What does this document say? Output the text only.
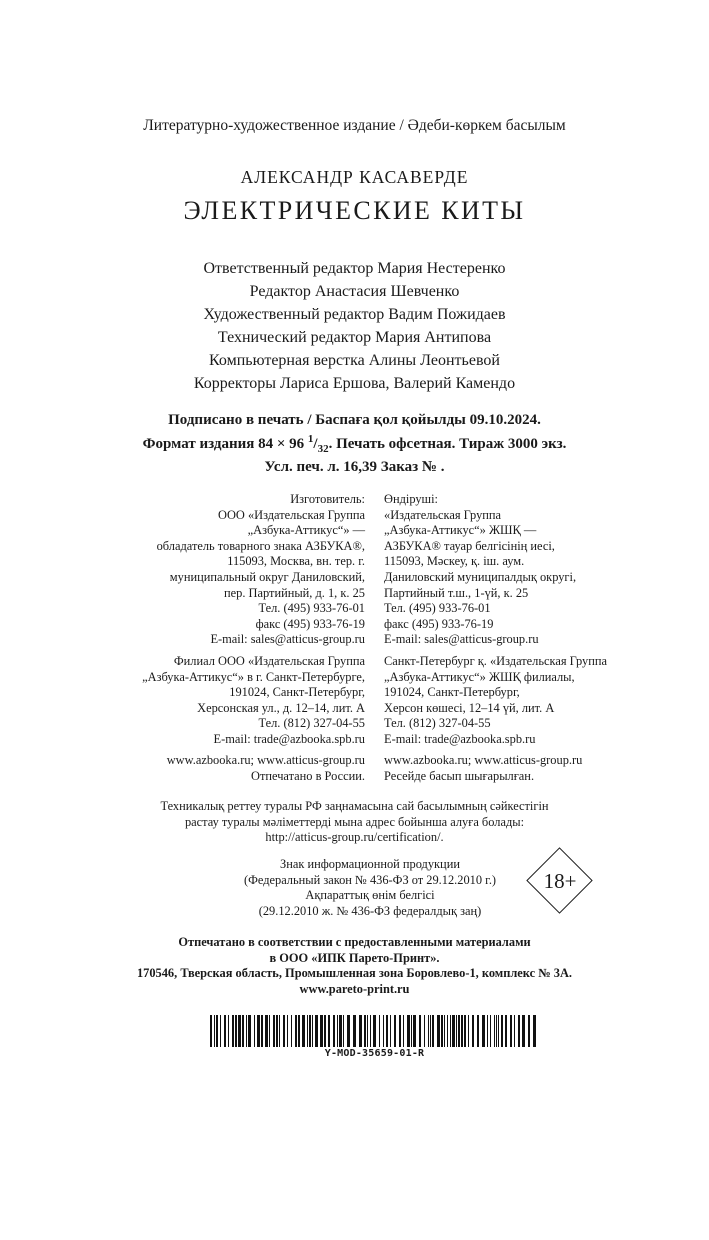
Литературно-художественное издание / Әдеби-көркем басылым
АЛЕКСАНДР КАСАВЕРДЕ
ЭЛЕКТРИЧЕСКИЕ КИТЫ
Ответственный редактор Мария Нестеренко
Редактор Анастасия Шевченко
Художественный редактор Вадим Пожидаев
Технический редактор Мария Антипова
Компьютерная верстка Алины Леонтьевой
Корректоры Лариса Ершова, Валерий Камендо
Подписано в печать / Баспаға қол қойылды 09.10.2024.
Формат издания 84 × 96 $^1/_{32}$. Печать офсетная. Тираж 3000 экз.
Усл. печ. л. 16,39 Заказ № .
Изготовитель:
ООО «Издательская Группа
„Азбука-Аттикус“» —
обладатель товарного знака АЗБУКА®,
115093, Москва, вн. тер. г.
муниципальный округ Даниловский,
пер. Партийный, д. 1, к. 25
Тел. (495) 933-76-01
факс (495) 933-76-19
E-mail: sales@atticus-group.ru
Өндіруші:
«Издательская Группа
„Азбука-Аттикус“» ЖШҚ —
АЗБУКА® тауар белгісінің иесі,
115093, Мәскеу, қ. іш. аум.
Даниловский муниципалдық округі,
Партийный т.ш., 1-үй, к. 25
Тел. (495) 933-76-01
факс (495) 933-76-19
E-mail: sales@atticus-group.ru
Филиал ООО «Издательская Группа
„Азбука-Аттикус“» в г. Санкт-Петербурге,
191024, Санкт-Петербург,
Херсонская ул., д. 12–14, лит. А
Тел. (812) 327-04-55
E-mail: trade@azbooka.spb.ru
Санкт-Петербург қ. «Издательская Группа
„Азбука-Аттикус“» ЖШҚ филиалы,
191024, Санкт-Петербург,
Херсон көшесі, 12–14 үй, лит. А
Тел. (812) 327-04-55
E-mail: trade@azbooka.spb.ru
www.azbooka.ru; www.atticus-group.ru
Отпечатано в России.
www.azbooka.ru; www.atticus-group.ru
Ресейде басып шығарылған.
Техникалық реттеу туралы РФ заңнамасына сай басылымның сәйкестігін
растау туралы мәліметтерді мына адрес бойынша алуға болады:
http://atticus-group.ru/certification/.
Знак информационной продукции
(Федеральный закон № 436-ФЗ от 29.12.2010 г.)
Ақпараттық өнім белгісі
(29.12.2010 ж. № 436-ФЗ федералдық заң)
18+
Отпечатано в соответствии с предоставленными материалами
в ООО «ИПК Парето-Принт».
170546, Тверская область, Промышленная зона Боровлево-1, комплекс № 3А.
www.pareto-print.ru
Y-MOD-35659-01-R
